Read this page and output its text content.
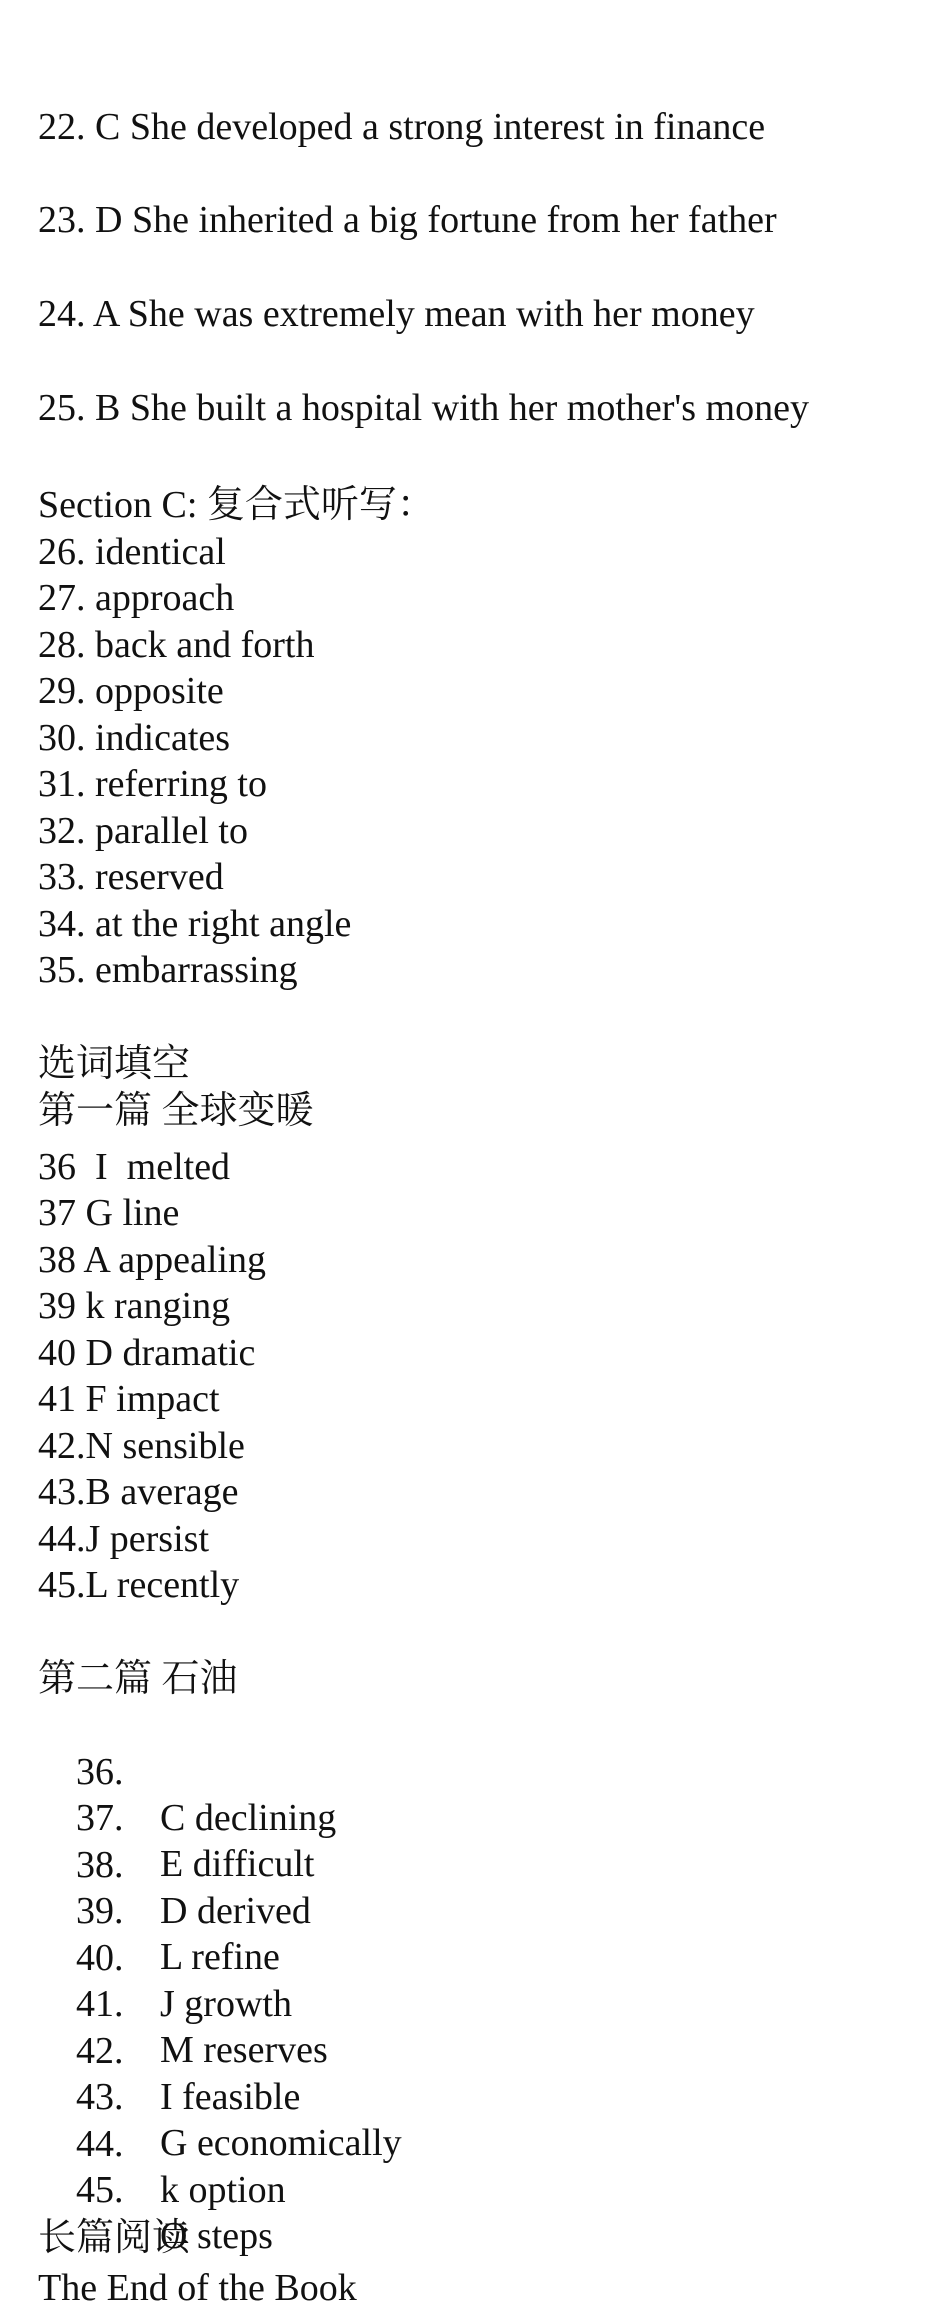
22. C She developed a strong interest in finance
23. D She inherited a big fortune from her father
24. A She was extremely mean with her money
25. B She built a hospital with her mother's money
Section C: 复合式听写：
26. identical
27. approach
28. back and forth
29. opposite
30. indicates
31. referring to
32. parallel to
33. reserved
34. at the right angle
35. embarrassing
选词填空
第一篇 全球变暖
36  I  melted
37 G line
38 A appealing
39 k ranging
40 D dramatic
41 F impact
42.N sensible
43.B average
44.J persist
45.L recently
第二篇 石油

36.

C declining

37.

E difficult

38.

D derived

39.

L refine

40.

J growth

41.

M reserves

42.

I feasible

43.

G economically

44.

k option

45.

O steps

长篇阅读
The End of the Book
